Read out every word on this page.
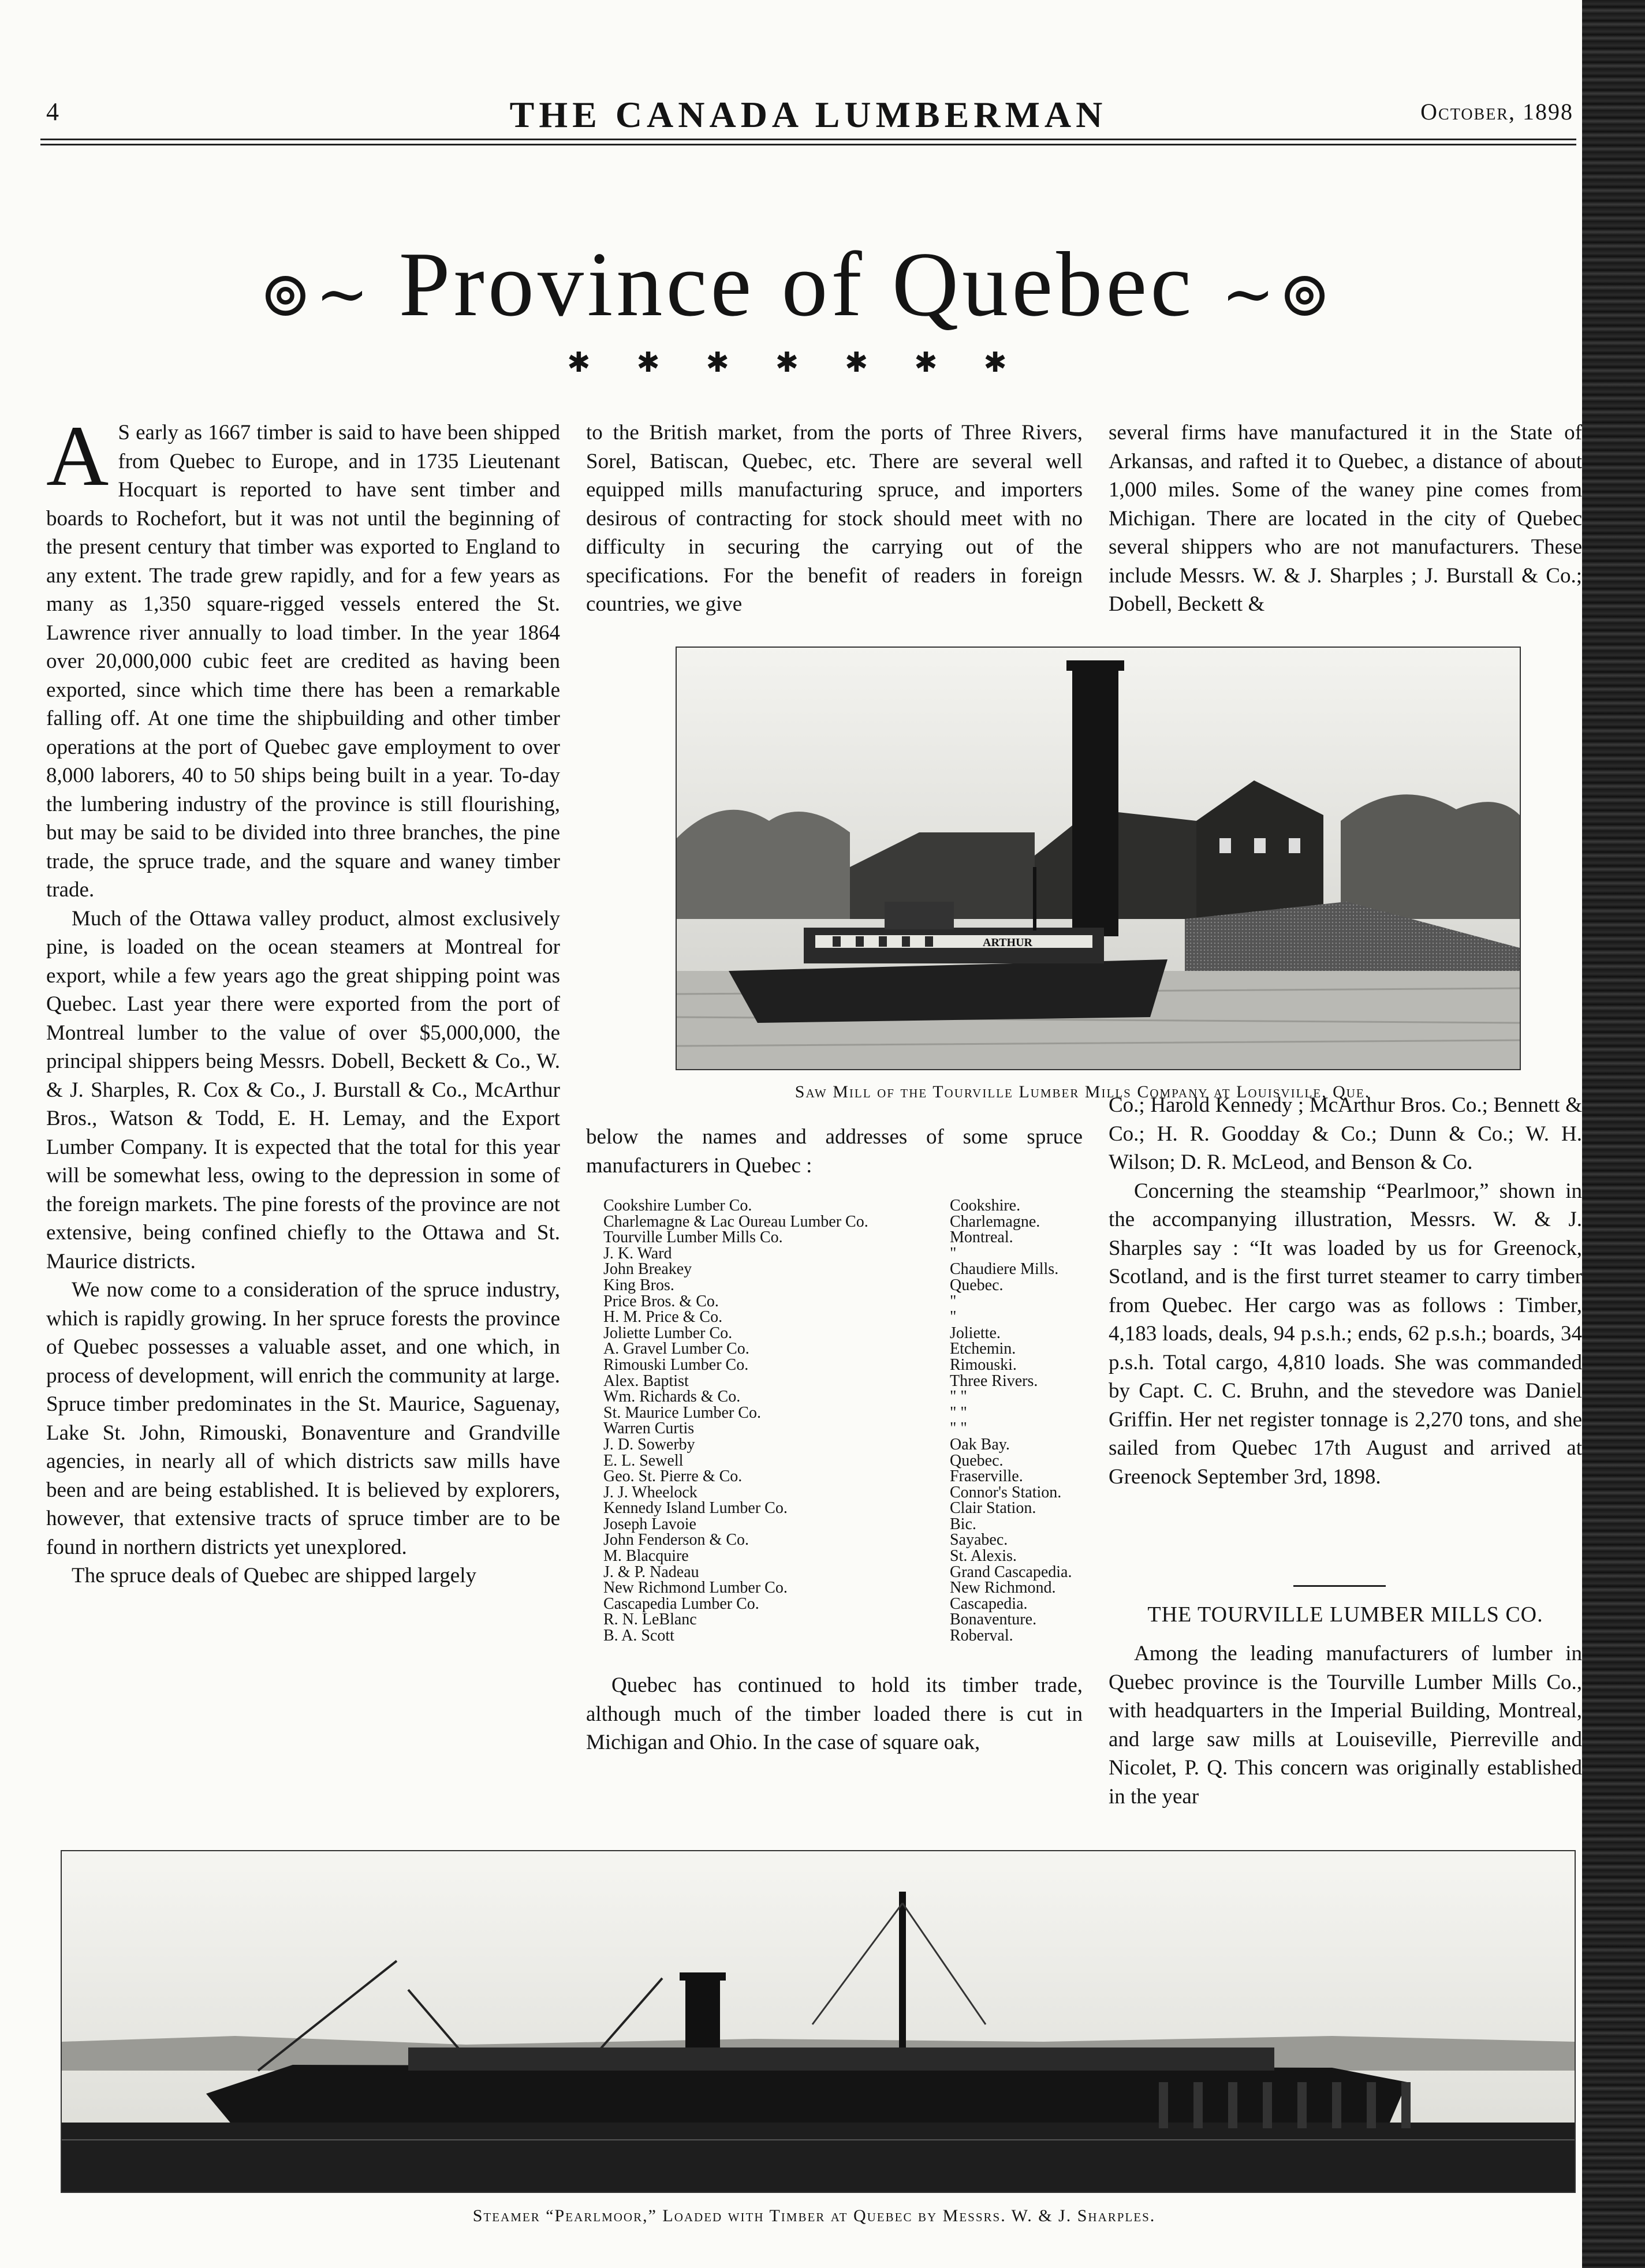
4	THE CANADA LUMBERMAN	October, 1898
⊚∼ Province of Quebec ∼⊚
✱ ✱ ✱ ✱ ✱ ✱ ✱

A S early as 1667 timber is said to have been shipped from Quebec to Europe, and in 1735 Lieutenant Hocquart is reported to have sent timber and boards to Rochefort, but it was not until the beginning of the present century that timber was exported to England to any extent. The trade grew rapidly, and for a few years as many as 1,350 square-rigged vessels entered the St. Lawrence river annually to load timber. In the year 1864 over 20,000,000 cubic feet are credited as having been exported, since which time there has been a remarkable falling off. At one time the shipbuilding and other timber operations at the port of Quebec gave employment to over 8,000 laborers, 40 to 50 ships being built in a year. To-day the lumbering industry of the province is still flourishing, but may be said to be divided into three branches, the pine trade, the spruce trade, and the square and waney timber trade.

Much of the Ottawa valley product, almost exclusively pine, is loaded on the ocean steamers at Montreal for export, while a few years ago the great shipping point was Quebec. Last year there were exported from the port of Montreal lumber to the value of over $5,000,000, the principal shippers being Messrs. Dobell, Beckett & Co., W. & J. Sharples, R. Cox & Co., J. Burstall & Co., McArthur Bros., Watson & Todd, E. H. Lemay, and the Export Lumber Company. It is expected that the total for this year will be somewhat less, owing to the depression in some of the foreign markets. The pine forests of the province are not extensive, being confined chiefly to the Ottawa and St. Maurice districts.

We now come to a consideration of the spruce industry, which is rapidly growing. In her spruce forests the province of Quebec possesses a valuable asset, and one which, in process of development, will enrich the community at large. Spruce timber predominates in the St. Maurice, Saguenay, Lake St. John, Rimouski, Bonaventure and Grandville agencies, in nearly all of which districts saw mills have been and are being established. It is believed by explorers, however, that extensive tracts of spruce timber are to be found in northern districts yet unexplored.

The spruce deals of Quebec are shipped largely

to the British market, from the ports of Three Rivers, Sorel, Batiscan, Quebec, etc. There are several well equipped mills manufacturing spruce, and importers desirous of contracting for stock should meet with no difficulty in securing the carrying out of the specifications. For the benefit of readers in foreign countries, we give

several firms have manufactured it in the State of Arkansas, and rafted it to Quebec, a distance of about 1,000 miles. Some of the waney pine comes from Michigan. There are located in the city of Quebec several shippers who are not manufacturers. These include Messrs. W. & J. Sharples ; J. Burstall & Co.; Dobell, Beckett &

ARTHUR
Saw Mill of the Tourville Lumber Mills Company at Louisville, Que.

below the names and addresses of some spruce manufacturers in Quebec :

Cookshire Lumber Co.	Cookshire.
Charlemagne & Lac Oureau Lumber Co.	Charlemagne.
Tourville Lumber Mills Co.	Montreal.
J. K. Ward	"
John Breakey	Chaudiere Mills.
King Bros.	Quebec.
Price Bros. & Co.	"
H. M. Price & Co.	"
Joliette Lumber Co.	Joliette.
A. Gravel Lumber Co.	Etchemin.
Rimouski Lumber Co.	Rimouski.
Alex. Baptist	Three Rivers.
Wm. Richards & Co.	" "
St. Maurice Lumber Co.	" "
Warren Curtis	" "
J. D. Sowerby	Oak Bay.
E. L. Sewell	Quebec.
Geo. St. Pierre & Co.	Fraserville.
J. J. Wheelock	Connor's Station.
Kennedy Island Lumber Co.	Clair Station.
Joseph Lavoie	Bic.
John Fenderson & Co.	Sayabec.
M. Blacquire	St. Alexis.
J. & P. Nadeau	Grand Cascapedia.
New Richmond Lumber Co.	New Richmond.
Cascapedia Lumber Co.	Cascapedia.
R. N. LeBlanc	Bonaventure.
B. A. Scott	Roberval.

Quebec has continued to hold its timber trade, although much of the timber loaded there is cut in Michigan and Ohio. In the case of square oak,

Co.; Harold Kennedy ; McArthur Bros. Co.; Bennett & Co.; H. R. Goodday & Co.; Dunn & Co.; W. H. Wilson; D. R. McLeod, and Benson & Co.

Concerning the steamship “Pearlmoor,” shown in the accompanying illustration, Messrs. W. & J. Sharples say : “It was loaded by us for Greenock, Scotland, and is the first turret steamer to carry timber from Quebec. Her cargo was as follows : Timber, 4,183 loads, deals, 94 p.s.h.; ends, 62 p.s.h.; boards, 34 p.s.h. Total cargo, 4,810 loads. She was commanded by Capt. C. C. Bruhn, and the stevedore was Daniel Griffin. Her net register tonnage is 2,270 tons, and she sailed from Quebec 17th August and arrived at Greenock September 3rd, 1898.

THE TOURVILLE LUMBER MILLS CO.

Among the leading manufacturers of lumber in Quebec province is the Tourville Lumber Mills Co., with headquarters in the Imperial Building, Montreal, and large saw mills at Louiseville, Pierreville and Nicolet, P. Q. This concern was originally established in the year

Steamer “Pearlmoor,” Loaded with Timber at Quebec by Messrs. W. & J. Sharples.
